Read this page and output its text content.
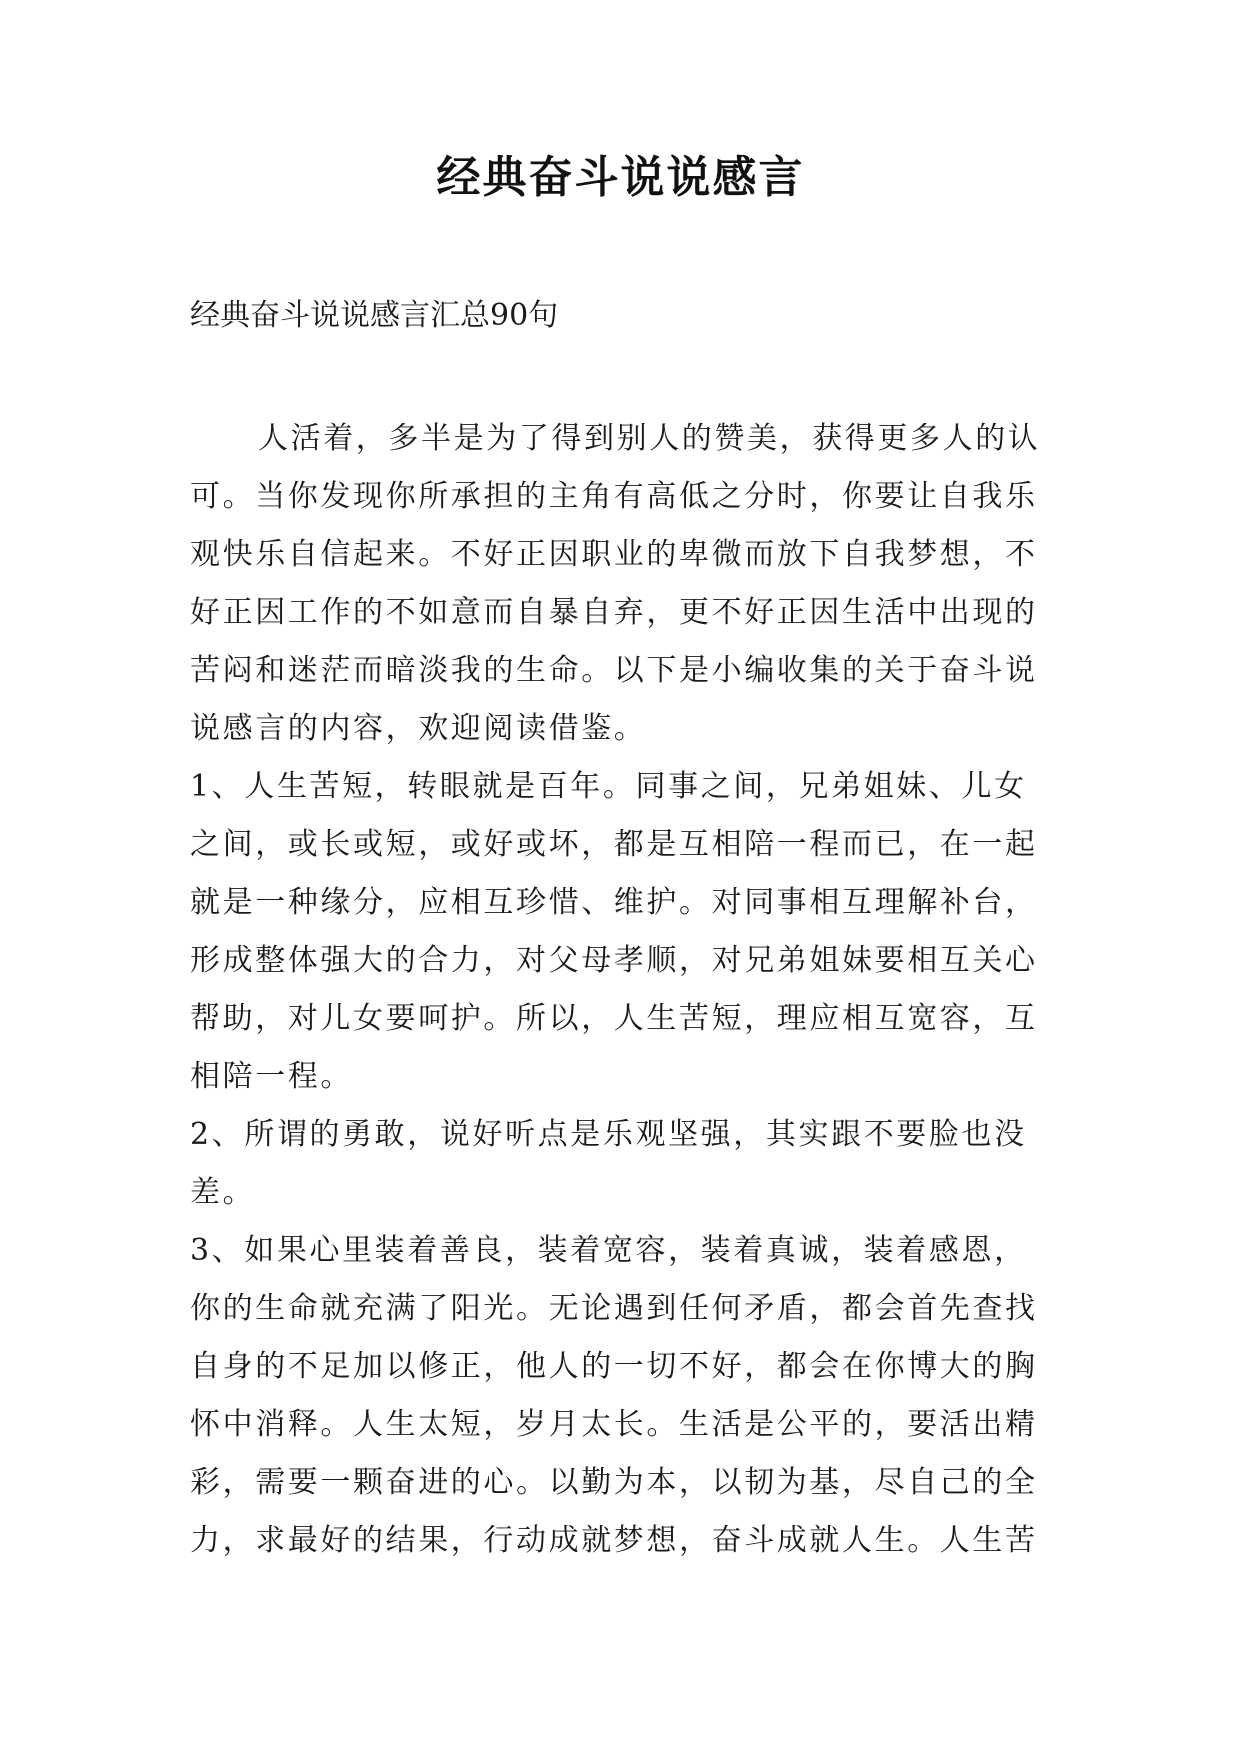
经典奋斗说说感言

经典奋斗说说感言汇总90句

人活着，多半是为了得到别人的赞美，获得更多人的认

可。当你发现你所承担的主角有高低之分时，你要让自我乐

观快乐自信起来。不好正因职业的卑微而放下自我梦想，不

好正因工作的不如意而自暴自弃，更不好正因生活中出现的

苦闷和迷茫而暗淡我的生命。以下是小编收集的关于奋斗说

说感言的内容，欢迎阅读借鉴。

1、人生苦短，转眼就是百年。同事之间，兄弟姐妹、儿女

之间，或长或短，或好或坏，都是互相陪一程而已，在一起

就是一种缘分，应相互珍惜、维护。对同事相互理解补台，

形成整体强大的合力，对父母孝顺，对兄弟姐妹要相互关心

帮助，对儿女要呵护。所以，人生苦短，理应相互宽容，互

相陪一程。

2、所谓的勇敢，说好听点是乐观坚强，其实跟不要脸也没

差。

3、如果心里装着善良，装着宽容，装着真诚，装着感恩，

你的生命就充满了阳光。无论遇到任何矛盾，都会首先查找

自身的不足加以修正，他人的一切不好，都会在你博大的胸

怀中消释。人生太短，岁月太长。生活是公平的，要活出精

彩，需要一颗奋进的心。以勤为本，以韧为基，尽自己的全

力，求最好的结果，行动成就梦想，奋斗成就人生。人生苦
